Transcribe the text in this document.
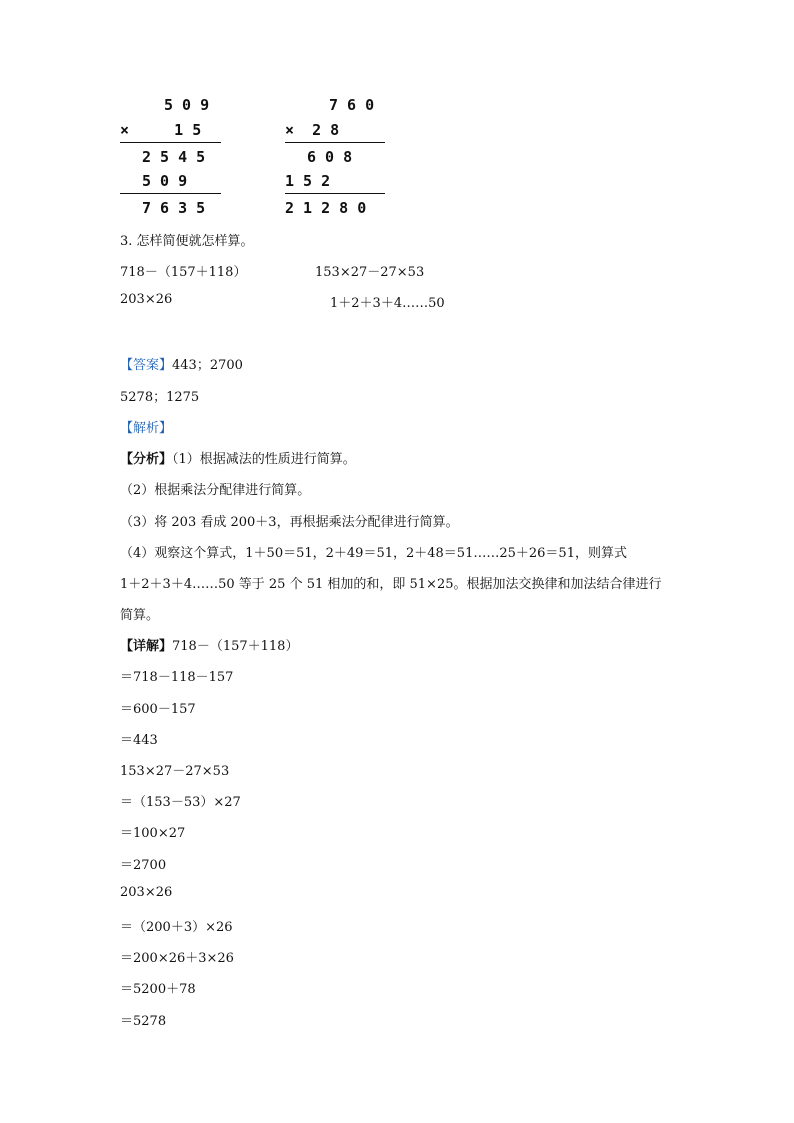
5 0 9
×     1 5
2 5 4 5
5 0 9
7 6 3 5
7 6 0
×  2 8
6 0 8
1 5 2
2 1 2 8 0
3. 怎样简便就怎样算。
718－（157＋118）	153×27－27×53
203×26	1＋2＋3＋4……50
【答案】443；2700
5278；1275
【解析】
【分析】（1）根据减法的性质进行简算。
（2）根据乘法分配律进行简算。
（3）将 203 看成 200＋3，再根据乘法分配律进行简算。
（4）观察这个算式，1＋50＝51，2＋49＝51，2＋48＝51……25＋26＝51，则算式
1＋2＋3＋4……50 等于 25 个 51 相加的和，即 51×25。根据加法交换律和加法结合律进行
简算。
【详解】718－（157＋118）
＝718－118－157
＝600－157
＝443
153×27－27×53
＝（153－53）×27
＝100×27
＝2700
203×26
＝（200＋3）×26
＝200×26＋3×26
＝5200＋78
＝5278
